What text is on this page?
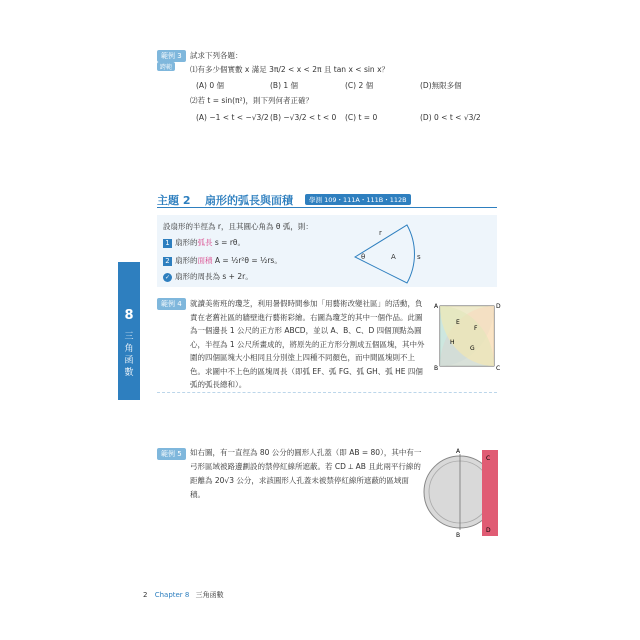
範例 3
跨範
試求下列各題：
⑴有多少個實數 x 滿足 3π/2 < x < 2π 且 tan x < sin x？
(A) 0 個	(B) 1 個	(C) 2 個	(D)無限多個
⑵若 t = sin(π²)，則下列何者正確？
(A) −1 < t < −√3/2 (B) −√3/2 < t < 0 (C) t = 0	(D) 0 < t < √3/2
主題 2 扇形的弧長與面積	學測 109・111A・111B・112B
設扇形的半徑為 r，且其圓心角為 θ 弧，則：
1 扇形的弧長 s = rθ。
2 扇形的面積 A = ½r²θ = ½rs。
✓ 扇形的周長為 s + 2r。
r
θ	A	s
8
三角函數
範例 4	就讀美術班的瓊芝，利用暑假時間參加「用藝術改變社區」的活動，負責在老舊社區的牆壁進行藝術彩繪。右圖為瓊芝的其中一個作品。此圖為一個邊長 1 公尺的正方形 ABCD，並以 A、B、C、D 四個頂點為圓心，半徑為 1 公尺所畫成的，將原先的正方形分割成五個區塊，其中外圍的四個區塊大小相同且分別塗上四種不同顏色，而中間區塊則不上色。求圖中不上色的區塊周長（即弧 EF、弧 FG、弧 GH、弧 HE 四個弧的弧長總和）。
A	D
B	C
E
F
G
H
範例 5	如右圖，有一直徑為 80 公分的圓形人孔蓋（即 AB = 80），其中有一弓形區域被路邊劃設的禁停紅線所遮蔽。若 CD ⟂ AB 且此兩平行線的距離為 20√3 公分，求該圓形人孔蓋未被禁停紅線所遮蔽的區域面積。
A
B
C
D
2 Chapter 8 三角函數
